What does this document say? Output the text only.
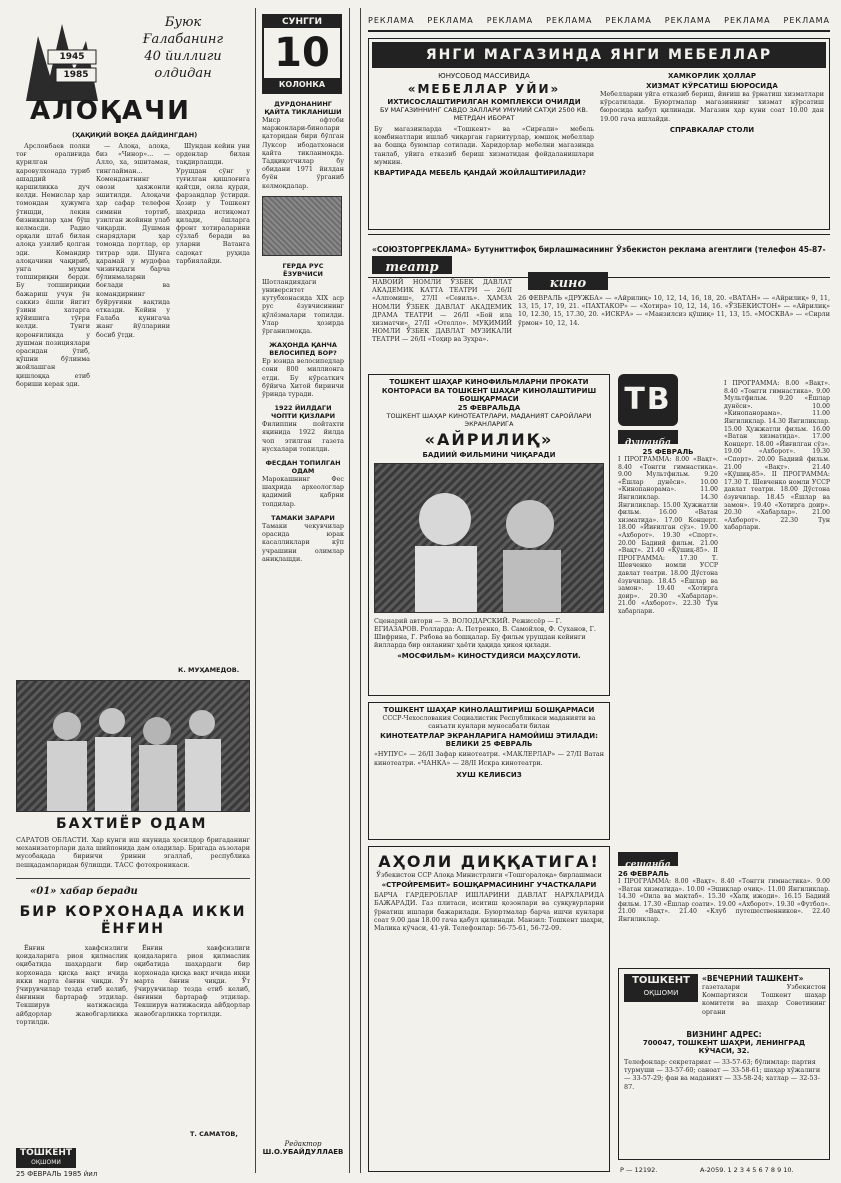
1945
1985
Буюк
Ғалабанинг
40 йиллиги
олдидан
АЛОҚАЧИ
(ҲАҚИҚИЙ ВОҚЕА ДАЙДИНГДАН)

Арслонбаев полки тоғ оралиғида қурилган қаровулхонада туриб ашаддий қаршиликка дуч келди. Немислар ҳар томондан ҳужумга ўтишди, лекин бизникилар ҳам бўш келмасди. Радио орқали штаб билан алоқа узилиб қолган эди. Командир алоқачини чақириб, унга муҳим топшириқни берди. Бу топшириқни бажариш учун ўн саккиз ёшли йигит ўзини хатарга қўйишига тўғри келди. Тунги қоронғиликда у душман позициялари орасидан ўтиб, қўшни бўлинма жойлашган қишлоққа етиб бориши керак эди.

— Алоқа, алоқа, биз «Чинор»... — Алло, ха, эшитаман, тинглайман... Комендантнинг овози ҳаяжонли эшитилди. Алоқачи ҳар сафар телефон симини тортиб, узилган жойини улаб чиқарди. Душман снарядлари ҳар томонда портлар, ер титрар эди. Шунга қарамай у мудофаа чизиғидаги барча бўлинмаларни боғлади ва командирнинг буйруғини вақтида етказди. Кейин у Ғалаба кунигача жанг йўлларини босиб ўтди.

Шундан кейин уни орденлар билан тақдирлашди. Урушдан сўнг у туғилган қишлоғига қайтди, оила қурди, фарзандлар ўстирди. Ҳозир у Тошкент шаҳрида истиқомат қилади, ёшларга фронт хотираларини сўзлаб беради ва уларни Ватанга садоқат руҳида тарбиялайди.

К. МУҲАМЕДОВ.
БАХТИЁР ОДАМ
САРАТОВ ОБЛАСТИ. Хар кунги иш якунида ҳосилдор бригаданинг механизаторлари дала шийпонида дам оладилар. Бригада аъзолари мусобақада биринчи ўринни эгаллаб, республика пешқадамларидан бўлишди. ТАСС фотохроникаси.
«01» хабар беради
БИР КОРХОНАДА ИККИ ЁНҒИН

Ёнғин хавфсизлиги қоидаларига риоя қилмаслик оқибатида шаҳардаги бир корхонада қисқа вақт ичида икки марта ёнғин чиқди. Ўт ўчирувчилар тезда етиб келиб, ёнғинни бартараф этдилар. Текширув натижасида айбдорлар жавобгарликка тортилди.

Ёнғин хавфсизлиги қоидаларига риоя қилмаслик оқибатида шаҳардаги бир корхонада қисқа вақт ичида икки марта ёнғин чиқди. Ўт ўчирувчилар тезда етиб келиб, ёнғинни бартараф этдилар. Текширув натижасида айбдорлар жавобгарликка тортилди.

Т. САМАТОВ,
ТОШКЕНТ
ОҚШОМИ
25 ФЕВРАЛЬ 1985 йил
СУНГГИ
10
КОЛОНКА
ДУРДОНАНИНГ ҚАЙТА ТИКЛАНИШИ
Миср офтоби маржонлари-бинолари қаторидан бири бўлган Луксор ибодатхонаси қайта тикланмоқда. Тадқиқотчилар бу обидани 1971 йилдан буён ўрганиб келмоқдалар.
ГЕРДА РУС ЁЗУВЧИСИ
Шотландиядаги университет кутубхонасида XIX аср рус ёзувчисининг қўлёзмалари топилди. Улар ҳозирда ўрганилмоқда.
ЖАҲОНДА ҚАНЧА ВЕЛОСИПЕД БОР?
Ер юзида велосипедлар сони 800 миллионга етди. Бу кўрсаткич бўйича Хитой биринчи ўринда туради.
1922 ЙИЛДАГИ ЧОПТИ ҚИЗЛАРИ
Филиппин пойтахти яқинида 1922 йилда чоп этилган газета нусхалари топилди.
ФЕСДАН ТОПИЛГАН ОДАМ
Марокашнинг Фес шаҳрида археологлар қадимий қабрни топдилар.
ТАМАКИ ЗАРАРИ
Тамаки чекувчилар орасида юрак касалликлари кўп учрашини олимлар аниқлашди.
Редактор
Ш.О.УБАЙДУЛЛАЕВ
РЕКЛАМА РЕКЛАМА РЕКЛАМА РЕКЛАМА РЕКЛАМА РЕКЛАМА РЕКЛАМА РЕКЛАМА
ЯНГИ МАГАЗИНДА ЯНГИ МЕБЕЛЛАР
ЮНУСОБОД МАССИВИДА
«МЕБЕЛЛАР УЙИ»
ИХТИСОСЛАШТИРИЛГАН КОМПЛЕКСИ ОЧИЛДИ
БУ МАГАЗИННИНГ САВДО ЗАЛЛАРИ УМУМИЙ САТҲИ 2500 КВ. МЕТРДАН ИБОРАТ
Бу магазинларда «Тошкент» ва «Сирғали» мебель комбинатлари ишлаб чиқарган гарнитурлар, юмшоқ мебеллар ва бошқа буюмлар сотилади. Харидорлар мебелни магазинда танлаб, уйига етказиб бериш хизматидан фойдаланишлари мумкин.
КВАРТИРАДА МЕБЕЛЬ ҚАНДАЙ ЖОЙЛАШТИРИЛАДИ?
ХАМКОРЛИК ҲОЛЛАР
ХИЗМАТ КЎРСАТИШ БЮРОСИДА
Мебелларни уйга етказиб бериш, йиғиш ва ўрнатиш хизматлари кўрсатилади. Буюртмалар магазиннинг хизмат кўрсатиш бюросида қабул қилинади. Магазин ҳар куни соат 10.00 дан 19.00 гача ишлайди.
СПРАВКАЛАР СТОЛИ
«СОЮЗТОРГРЕКЛАМА» Бутуниттифоқ бирлашмасининг Ўзбекистон реклама агентлиги (телефон 45-87-
театр
НАВОИЙ НОМЛИ ЎЗБЕК ДАВЛАТ АКАДЕМИК КАТТА ТЕАТРИ — 26/II «Алпомиш», 27/II «Севиль». ҲАМЗА НОМЛИ ЎЗБЕК ДАВЛАТ АКАДЕМИК ДРАМА ТЕАТРИ — 26/II «Бой ила хизматчи», 27/II «Отелло». МУҚИМИЙ НОМЛИ ЎЗБЕК ДАВЛАТ МУЗИКАЛИ ТЕАТРИ — 26/II «Тоҳир ва Зуҳра».
кино
26 ФЕВРАЛЬ «ДРУЖБА» — «Айрилиқ» 10, 12, 14, 16, 18, 20. «ВАТАН» — «Айрилиқ» 9, 11, 13, 15, 17, 19, 21. «ПАХТАКОР» — «Хотира» 10, 12, 14, 16. «ЎЗБЕКИСТОН» — «Айрилиқ» 10, 12.30, 15, 17.30, 20. «ИСКРА» — «Манзилсиз қўшиқ» 11, 13, 15. «МОСКВА» — «Сирли ўрмон» 10, 12, 14.
ТОШКЕНТ ШАҲАР КИНОФИЛЬМЛАРНИ ПРОКАТИ КОНТОРАСИ ВА ТОШКЕНТ ШАҲАР КИНОЛАШТИРИШ БОШҚАРМАСИ
25 ФЕВРАЛЬДА
ТОШКЕНТ ШАҲАР КИНОТЕАТРЛАРИ, МАДАНИЯТ САРОЙЛАРИ ЭКРАНЛАРИГА
«АЙРИЛИҚ»
БАДИИЙ ФИЛЬМИНИ ЧИҚАРАДИ
Сценарий автори — Э. ВОЛОДАРСКИЙ. Режиссёр — Г. ЕГИАЗАРОВ. Ролларда: А. Петренко, В. Самойлов, Ф. Суханов, Г. Шифрина, Г. Рябова ва бошқалар. Бу фильм урушдан кейинги йилларда бир оиланинг ҳаёти ҳақида ҳикоя қилади.
«МОСФИЛЬМ» КИНОСТУДИЯСИ МАҲСУЛОТИ.
ТОШКЕНТ ШАҲАР КИНОЛАШТИРИШ БОШҚАРМАСИ
СССР-Чехословакия Социалистик Республикаси маданияти ва санъати кунлари муносабати билан
КИНОТЕАТРЛАР ЭКРАНЛАРИГА НАМОЙИШ ЭТИЛАДИ: ВЕЛИКИ 25 ФЕВРАЛЬ
«НУПУС» — 26/II Зафар кинотеатри. «МАКЛЕРЛАР» — 27/II Ватан кинотеатри. «ЧАНКА» — 28/II Искра кинотеатри.
ХУШ КЕЛИБСИЗ
АҲОЛИ ДИҚҚАТИГА!
Ўзбекистон ССР Алоқа Министрлиги «Тошгоралоқа» бирлашмаси
«СТРОЙРЕМБИТ» БОШҚАРМАСИНИНГ УЧАСТКАЛАРИ
БАРЧА ГАРДЕРОБЛАР ИШЛАРИНИ ДАВЛАТ НАРХЛАРИДА БАЖАРАДИ. Газ плитаси, иситиш қозонлари ва сувқувурларни ўрнатиш ишлари бажарилади. Буюртмалар барча ишчи кунлари соат 9.00 дан 18.00 гача қабул қилинади. Манзил: Тошкент шаҳри, Малика кўчаси, 41-уй. Телефонлар: 56-75-61, 56-72-09.
ТВ
душанба
25 ФЕВРАЛЬ
I ПРОГРАММА: 8.00 «Вақт». 8.40 «Тонгги гимнастика». 9.00 Мультфильм. 9.20 «Ёшлар дунёси». 10.00 «Кинопанорама». 11.00 Янгиликлар. 14.30 Янгиликлар. 15.00 Ҳужжатли фильм. 16.00 «Ватан хизматида». 17.00 Концерт. 18.00 «Йиғилган сўз». 19.00 «Ахборот». 19.30 «Спорт». 20.00 Бадиий фильм. 21.00 «Вақт». 21.40 «Қўшиқ-85». II ПРОГРАММА: 17.30 Т. Шевченко номли УССР давлат театри. 18.00 Дўстона ёзувчилар. 18.45 «Ёшлар ва замон». 19.40 «Хотирга доир». 20.30 «Хабарлар». 21.00 «Ахборот». 22.30 Тун хабарлари.
I ПРОГРАММА: 8.00 «Вақт». 8.40 «Тонгги гимнастика». 9.00 Мультфильм. 9.20 «Ёшлар дунёси». 10.00 «Кинопанорама». 11.00 Янгиликлар. 14.30 Янгиликлар. 15.00 Ҳужжатли фильм. 16.00 «Ватан хизматида». 17.00 Концерт. 18.00 «Йиғилган сўз». 19.00 «Ахборот». 19.30 «Спорт». 20.00 Бадиий фильм. 21.00 «Вақт». 21.40 «Қўшиқ-85». II ПРОГРАММА: 17.30 Т. Шевченко номли УССР давлат театри. 18.00 Дўстона ёзувчилар. 18.45 «Ёшлар ва замон». 19.40 «Хотирга доир». 20.30 «Хабарлар». 21.00 «Ахборот». 22.30 Тун хабарлари.
сешанба
26 ФЕВРАЛЬ
I ПРОГРАММА: 8.00 «Вақт». 8.40 «Тонгги гимнастика». 9.00 «Ватан хизматида». 10.00 «Эшиклар очиқ». 11.00 Янгиликлар. 14.30 «Оила ва мактаб». 15.30 «Халқ ижоди». 16.15 Бадиий фильм. 17.30 «Ёшлар соати». 19.00 «Ахборот». 19.30 «Футбол». 21.00 «Вақт». 21.40 «Клуб путешественников». 22.40 Янгиликлар.
ТОШКЕНТ
ОҚШОМИ
«ВЕЧЕРНИЙ ТАШКЕНТ»
газеталари Узбекистон Компартияси Тошкент шаҳар комитети ва шаҳар Советининг органи
ВИЗНИНГ АДРЕС:
700047, ТОШКЕНТ ШАҲРИ, ЛЕНИНГРАД КЎЧАСИ, 32.
Телефонлар: секретариат — 33-57-63; бўлимлар: партия турмуши — 33-57-60; саноат — 33-58-61; шаҳар хўжалиги — 33-57-29; фан ва маданият — 33-58-24; хатлар — 32-53-87.
Р — 12192.	А-2059. 1 2 3 4 5 6 7 8 9 10.
